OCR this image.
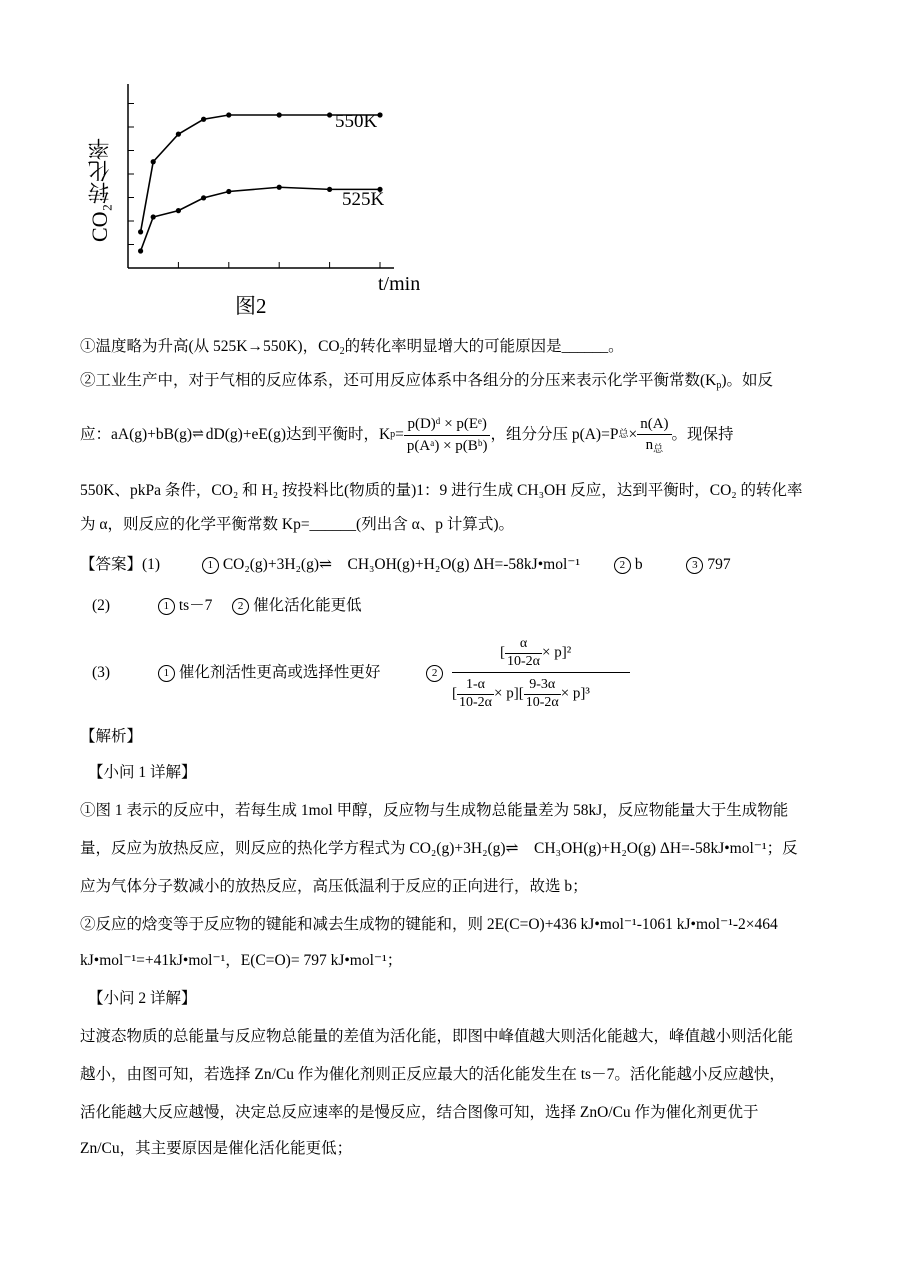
t/min
550K
525K
CO₂转化率
图2
①温度略为升高(从 525K→550K)，$CO_2$的转化率明显增大的可能原因是______。
②工业生产中，对于气相的反应体系，还可用反应体系中各组分的分压来表示化学平衡常数$(K_p)$。如反
应：aA(g)+bB(g) ⇌ dD(g)+eE(g)达到平衡时，K $p = \frac{\text{p(D)ᵈ × p(Eᵉ)}}{\text{p(Aᵃ) × p(Bᵇ)}}$ ，组分分压 p(A)=P 总 × $\frac{n(A)}{n_总}$ 。现保持
550K、pkPa 条件，CO₂ 和 H₂ 按投料比(物质的量)1：9 进行生成 CH₃OH 反应，达到平衡时，CO₂ 的转化率
为 α，则反应的化学平衡常数 Kp=______(列出含 α、p 计算式)。
【答案】(1)	1 CO₂(g)+3H₂(g)⇌　CH₃OH(g)+H₂O(g) ΔH=-58kJ•mol⁻¹	2 b	3 797
(2)	1 ts－7 2 催化活化能更低
(3)	1 催化剂活性更高或选择性更好	2
[ $\frac{\alpha}{10-2\alpha} \times p]^2$
[ $\frac{1-\alpha}{10-2\alpha} \times p][ \frac{9-3\alpha}{10-2\alpha} \times p]^3$
【解析】
【小问 1 详解】
①图 1 表示的反应中，若每生成 1mol 甲醇，反应物与生成物总能量差为 58kJ，反应物能量大于生成物能
量，反应为放热反应，则反应的热化学方程式为 CO₂(g)+3H₂(g)⇌　CH₃OH(g)+H₂O(g) ΔH=-58kJ•mol⁻¹；反
应为气体分子数减小的放热反应，高压低温利于反应的正向进行，故选 b；
②反应的焓变等于反应物的键能和减去生成物的键能和，则 2E(C=O)+436 kJ•mol⁻¹-1061 kJ•mol⁻¹-2×464
kJ•mol⁻¹=+41kJ•mol⁻¹，E(C=O)= 797 kJ•mol⁻¹；
【小问 2 详解】
过渡态物质的总能量与反应物总能量的差值为活化能，即图中峰值越大则活化能越大，峰值越小则活化能
越小，由图可知，若选择 Zn/Cu 作为催化剂则正反应最大的活化能发生在 ts－7。活化能越小反应越快，
活化能越大反应越慢，决定总反应速率的是慢反应，结合图像可知，选择 ZnO/Cu 作为催化剂更优于
Zn/Cu，其主要原因是催化活化能更低；
